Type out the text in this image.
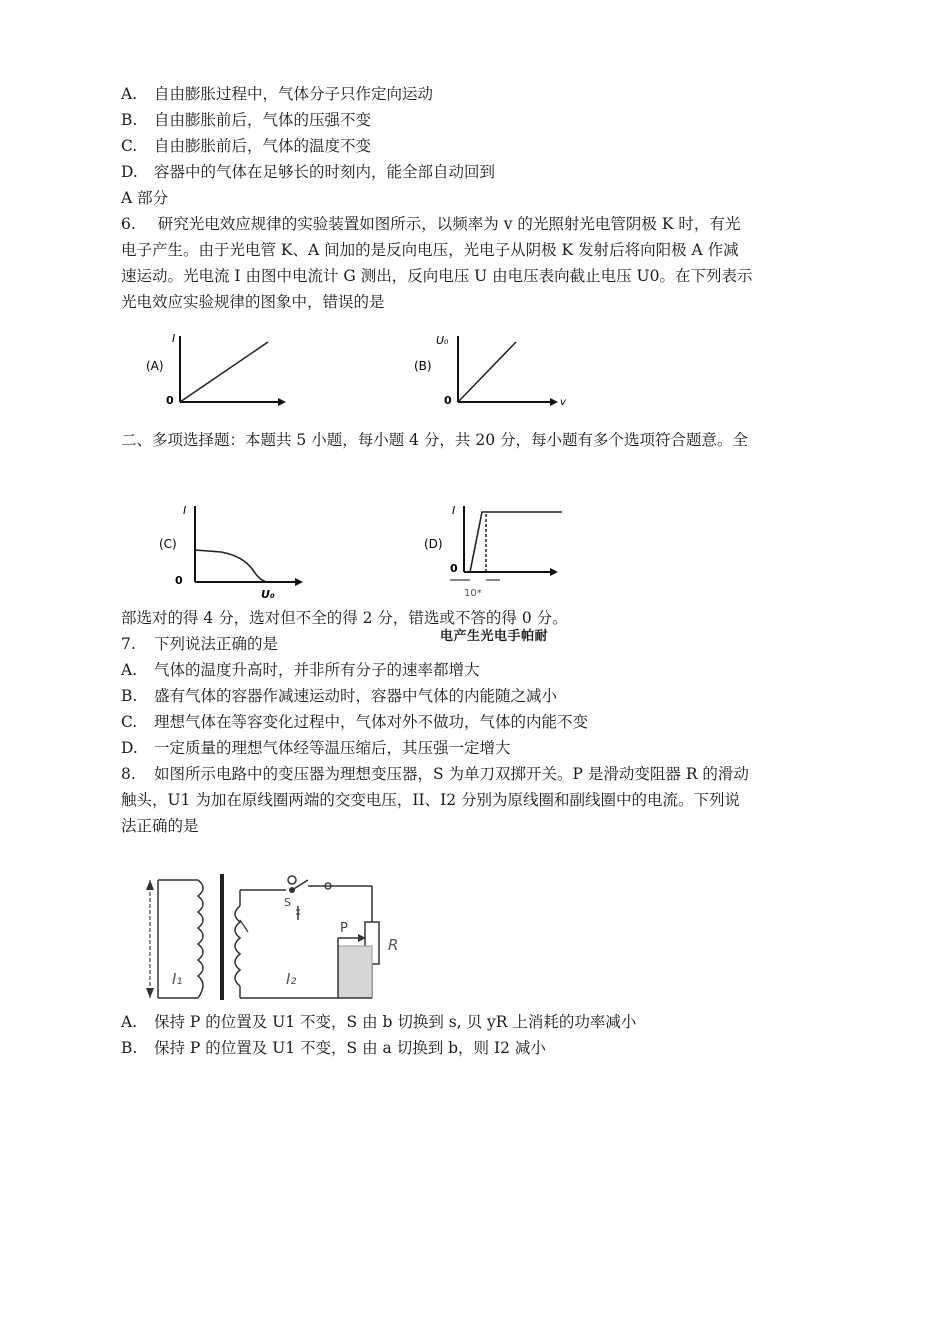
A. 自由膨胀过程中，气体分子只作定向运动
B. 自由膨胀前后，气体的压强不变
C. 自由膨胀前后，气体的温度不变
D. 容器中的气体在足够长的时刻内，能全部自动回到
A 部分
6. 研究光电效应规律的实验装置如图所示，以频率为 v 的光照射光电管阴极 K 时，有光
电子产生。由于光电管 K、A 间加的是反向电压，光电子从阴极 K 发射后将向阳极 A 作减
速运动。光电流 I 由图中电流计 G 测出，反向电压 U 由电压表向截止电压 U0。在下列表示
光电效应实验规律的图象中，错误的是
(A)
I
0
(B)
U₀
0	v
二、多项选择题：本题共 5 小题，每小题 4 分，共 20 分，每小题有多个选项符合题意。全
(C)
I
0
U₀
(D)
I
0
10*
部选对的得 4 分，选对但不全的得 2 分，错选或不答的得 0 分。
电产生光电手帕耐
7. 下列说法正确的是
A. 气体的温度升高时，并非所有分子的速率都增大
B. 盛有气体的容器作减速运动时，容器中气体的内能随之减小
C. 理想气体在等容变化过程中，气体对外不做功，气体的内能不变
D. 一定质量的理想气体经等温压缩后，其压强一定增大
8. 如图所示电路中的变压器为理想变压器，S 为单刀双掷开关。P 是滑动变阻器 R 的滑动
触头，U1 为加在原线圈两端的交变电压，II、I2 分别为原线圈和副线圈中的电流。下列说
法正确的是
I₁
S
R
P
I₂
A. 保持 P 的位置及 U1 不变，S 由 b 切换到 s, 贝 yR 上消耗的功率减小
B. 保持 P 的位置及 U1 不变，S 由 a 切换到 b，则 I2 减小
